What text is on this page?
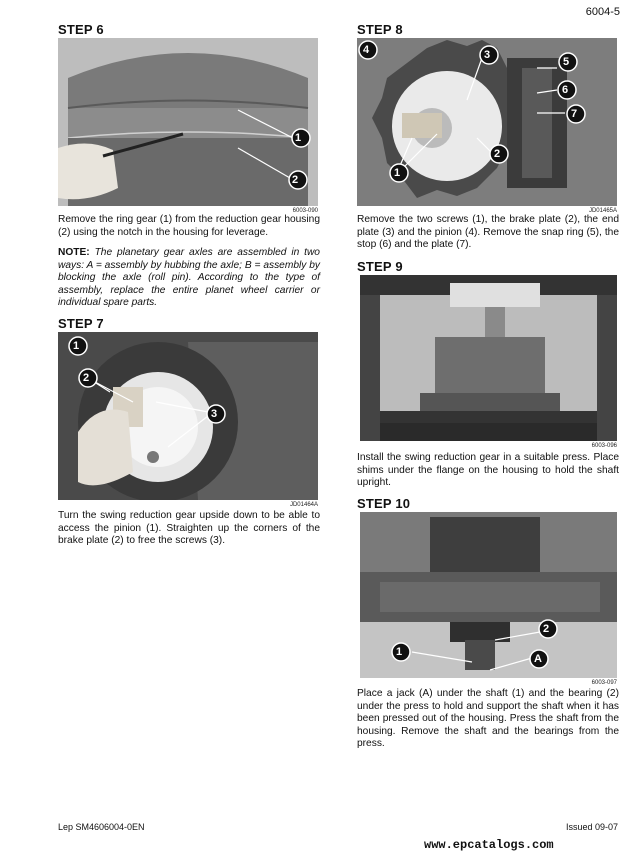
6004-5
STEP 6
1
2
6003-090
Remove the ring gear (1) from the reduction gear housing (2) using the notch in the housing for leverage.
NOTE: The planetary gear axles are assembled in two ways: A = assembly by hubbing the axle; B = assembly by blocking the axle (roll pin). According to the type of assembly, replace the entire planet wheel carrier or individual spare parts.
STEP 7
1
2
3
JD01464A
Turn the swing reduction gear upside down to be able to access the pinion (1). Straighten up the corners of the brake plate (2) to free the screws (3).
STEP 8
4	3
5
6
7
2
1
JD01465A
Remove the two screws (1), the brake plate (2), the end plate (3) and the pinion (4). Remove the snap ring (5), the stop (6) and the plate (7).
STEP 9
6003-096
Install the swing reduction gear in a suitable press. Place shims under the flange on the housing to hold the shaft upright.
STEP 10
2
1
A
6003-097
Place a jack (A) under the shaft (1) and the bearing (2) under the press to hold and support the shaft when it has been pressed out of the housing. Press the shaft from the housing. Remove the shaft and the bearings from the press.
Lep SM4606004-0EN	Issued 09-07
www.epcatalogs.com
